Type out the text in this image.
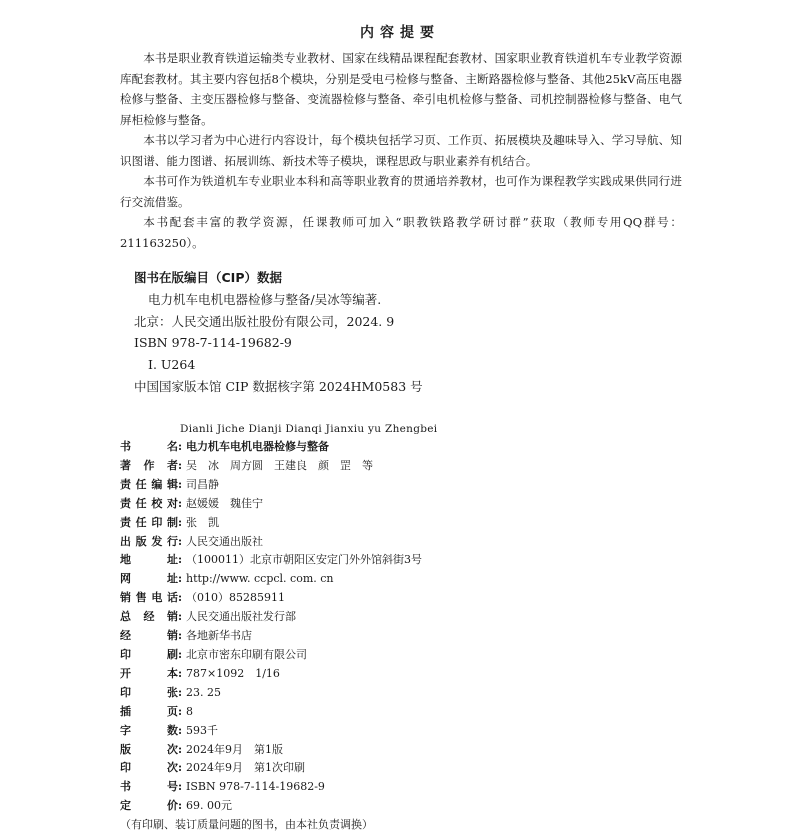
内容提要

本书是职业教育铁道运输类专业教材、国家在线精品课程配套教材、国家职业教育铁道机车专业教学资源库配套教材。其主要内容包括8个模块，分别是受电弓检修与整备、主断路器检修与整备、其他25kV高压电器检修与整备、主变压器检修与整备、变流器检修与整备、牵引电机检修与整备、司机控制器检修与整备、电气屏柜检修与整备。

本书以学习者为中心进行内容设计，每个模块包括学习页、工作页、拓展模块及趣味导入、学习导航、知识图谱、能力图谱、拓展训练、新技术等子模块，课程思政与职业素养有机结合。

本书可作为铁道机车专业职业本科和高等职业教育的贯通培养教材，也可作为课程教学实践成果供同行进行交流借鉴。

本书配套丰富的教学资源，任课教师可加入“职教铁路教学研讨群”获取（教师专用QQ群号：211163250）。

图书在版编目（CIP）数据
电力机车电机电器检修与整备/吴冰等编著.
北京：人民交通出版社股份有限公司，2024. 9
ISBN 978-7-114-19682-9
Ⅰ. U264
中国国家版本馆 CIP 数据核字第 2024HM0583 号
Dianli Jiche Dianji Dianqi Jianxiu yu Zhengbei
书名 : 电力机车电机电器检修与整备
著作者 : 吴　冰　周方圆　王建良　颜　罡　等
责任编辑 : 司昌静
责任校对 : 赵媛媛　魏佳宁
责任印制 : 张　凯
出版发行 : 人民交通出版社
地址 : （100011）北京市朝阳区安定门外外馆斜街3号
网址 : http://www. ccpcl. com. cn
销售电话 : （010）85285911
总经销 : 人民交通出版社发行部
经销 : 各地新华书店
印刷 : 北京市密东印刷有限公司
开本 : 787×1092　1/16
印张 : 23. 25
插页 : 8
字数 : 593千
版次 : 2024年9月　第1版
印次 : 2024年9月　第1次印刷
书号 : ISBN 978-7-114-19682-9
定价 : 69. 00元
（有印刷、装订质量问题的图书，由本社负责调换）
